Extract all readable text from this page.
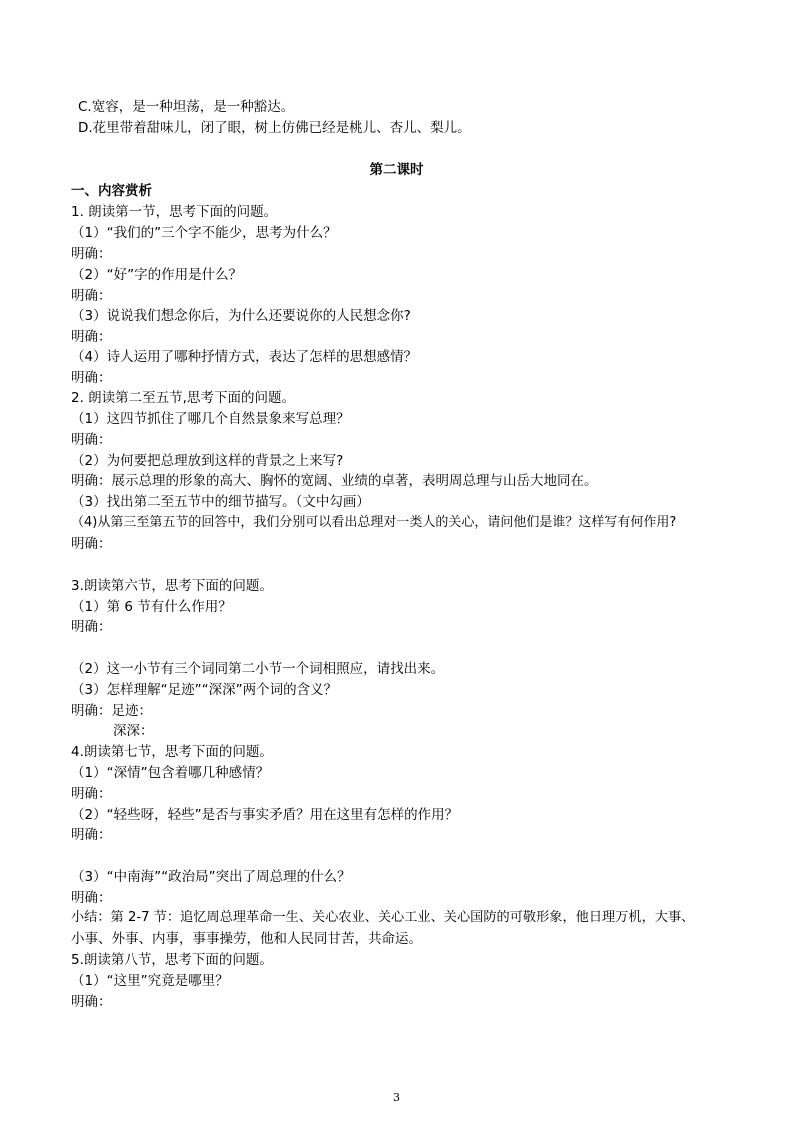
C.宽容，是一种坦荡，是一种豁达。
D.花里带着甜味儿，闭了眼，树上仿佛已经是桃儿、杏儿、梨儿。
第二课时
一、内容赏析
1. 朗读第一节，思考下面的问题。
（1）“我们的”三个字不能少，思考为什么？
明确：
（2）“好”字的作用是什么？
明确：
（3）说说我们想念你后，为什么还要说你的人民想念你?
明确：
（4）诗人运用了哪种抒情方式，表达了怎样的思想感情？
明确：
2. 朗读第二至五节,思考下面的问题。
（1）这四节抓住了哪几个自然景象来写总理？
明确：
（2）为何要把总理放到这样的背景之上来写?
明确：展示总理的形象的高大、胸怀的宽阔、业绩的卓著，表明周总理与山岳大地同在。
（3）找出第二至五节中的细节描写。（文中勾画）
（4)从第三至第五节的回答中，我们分别可以看出总理对一类人的关心，请问他们是谁？这样写有何作用?
明确：
3.朗读第六节，思考下面的问题。
（1）第 6 节有什么作用？
明确：
（2）这一小节有三个词同第二小节一个词相照应，请找出来。
（3）怎样理解“足迹”“深深”两个词的含义？
明确：足迹：
深深：
4.朗读第七节，思考下面的问题。
（1）“深情”包含着哪几种感情？
明确：
（2）“轻些呀，轻些”是否与事实矛盾？用在这里有怎样的作用？
明确：
（3）“中南海”“政治局”突出了周总理的什么？
明确：
小结：第 2-7 节：追忆周总理革命一生、关心农业、关心工业、关心国防的可敬形象，他日理万机，大事、
小事、外事、内事，事事操劳，他和人民同甘苦，共命运。
5.朗读第八节，思考下面的问题。
（1）“这里”究竟是哪里？
明确：
3
